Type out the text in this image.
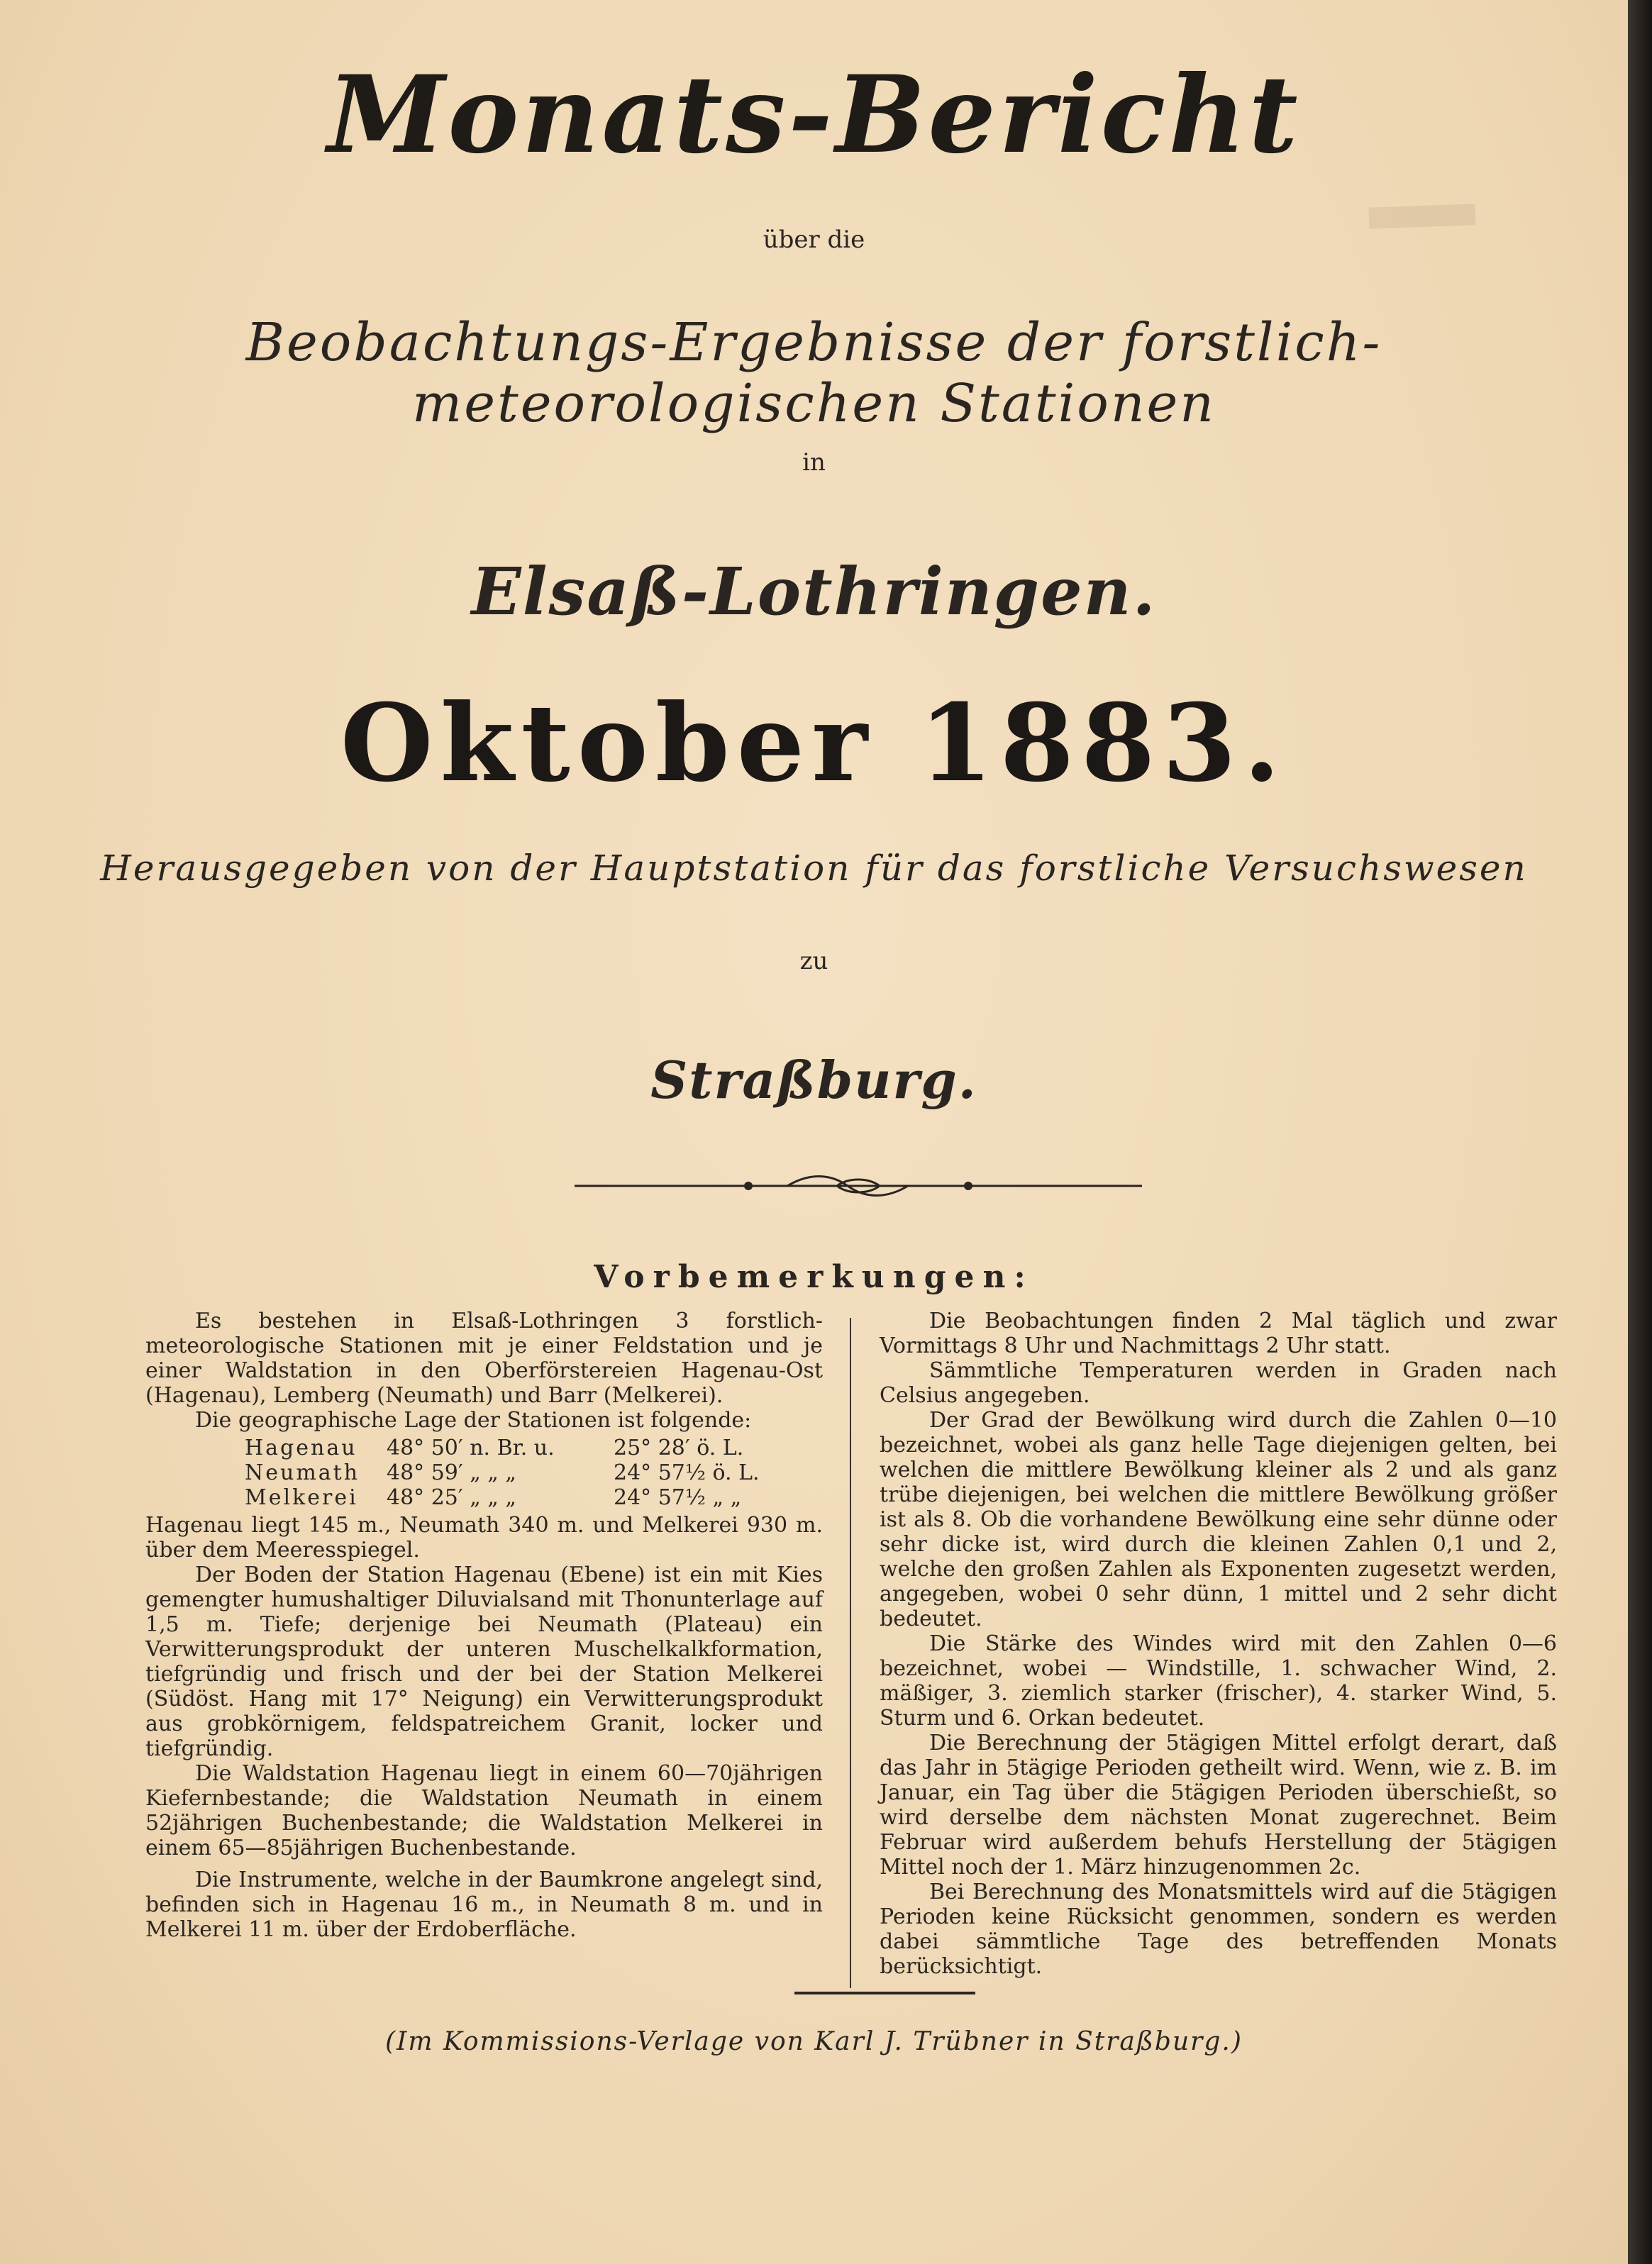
Monats-Bericht
über die
Beobachtungs-Ergebnisse der forstlich-meteorologischen Stationen
in
Elsaß-Lothringen.
Oktober 1883.
Herausgegeben von der Hauptstation für das forstliche Versuchswesen
zu
Straßburg.
Vorbemerkungen:

Es bestehen in Elsaß-Lothringen 3 forstlich-meteorologische Stationen mit je einer Feldstation und je einer Waldstation in den Oberförstereien Hagenau-Ost (Hagenau), Lemberg (Neumath) und Barr (Melkerei).

Die geographische Lage der Stationen ist folgende:

Hagenau	48° 50′ n. Br. u.	25° 28′ ö. L.
Neumath	48° 59′ „ „ „	24° 57½ ö. L.
Melkerei	48° 25′ „ „ „	24° 57½ „ „

Hagenau liegt 145 m., Neumath 340 m. und Melkerei 930 m. über dem Meeresspiegel.

Der Boden der Station Hagenau (Ebene) ist ein mit Kies gemengter humushaltiger Diluvialsand mit Thonunterlage auf 1,5 m. Tiefe; derjenige bei Neumath (Plateau) ein Verwitterungsprodukt der unteren Muschelkalkformation, tiefgründig und frisch und der bei der Station Melkerei (Südöst. Hang mit 17° Neigung) ein Verwitterungsprodukt aus grobkörnigem, feldspatreichem Granit, locker und tiefgründig.

Die Waldstation Hagenau liegt in einem 60—70jährigen Kiefernbestande; die Waldstation Neumath in einem 52jährigen Buchenbestande; die Waldstation Melkerei in einem 65—85jährigen Buchenbestande.

Die Instrumente, welche in der Baumkrone angelegt sind, befinden sich in Hagenau 16 m., in Neumath 8 m. und in Melkerei 11 m. über der Erdoberfläche.

Die Beobachtungen finden 2 Mal täglich und zwar Vormittags 8 Uhr und Nachmittags 2 Uhr statt.

Sämmtliche Temperaturen werden in Graden nach Celsius angegeben.

Der Grad der Bewölkung wird durch die Zahlen 0—10 bezeichnet, wobei als ganz helle Tage diejenigen gelten, bei welchen die mittlere Bewölkung kleiner als 2 und als ganz trübe diejenigen, bei welchen die mittlere Bewölkung größer ist als 8. Ob die vorhandene Bewölkung eine sehr dünne oder sehr dicke ist, wird durch die kleinen Zahlen 0,1 und 2, welche den großen Zahlen als Exponenten zugesetzt werden, angegeben, wobei 0 sehr dünn, 1 mittel und 2 sehr dicht bedeutet.

Die Stärke des Windes wird mit den Zahlen 0—6 bezeichnet, wobei — Windstille, 1. schwacher Wind, 2. mäßiger, 3. ziemlich starker (frischer), 4. starker Wind, 5. Sturm und 6. Orkan bedeutet.

Die Berechnung der 5tägigen Mittel erfolgt derart, daß das Jahr in 5tägige Perioden getheilt wird. Wenn, wie z. B. im Januar, ein Tag über die 5tägigen Perioden überschießt, so wird derselbe dem nächsten Monat zugerechnet. Beim Februar wird außerdem behufs Herstellung der 5tägigen Mittel noch der 1. März hinzugenommen 2c.

Bei Berechnung des Monatsmittels wird auf die 5tägigen Perioden keine Rücksicht genommen, sondern es werden dabei sämmtliche Tage des betreffenden Monats berücksichtigt.

(Im Kommissions-Verlage von Karl J. Trübner in Straßburg.)
